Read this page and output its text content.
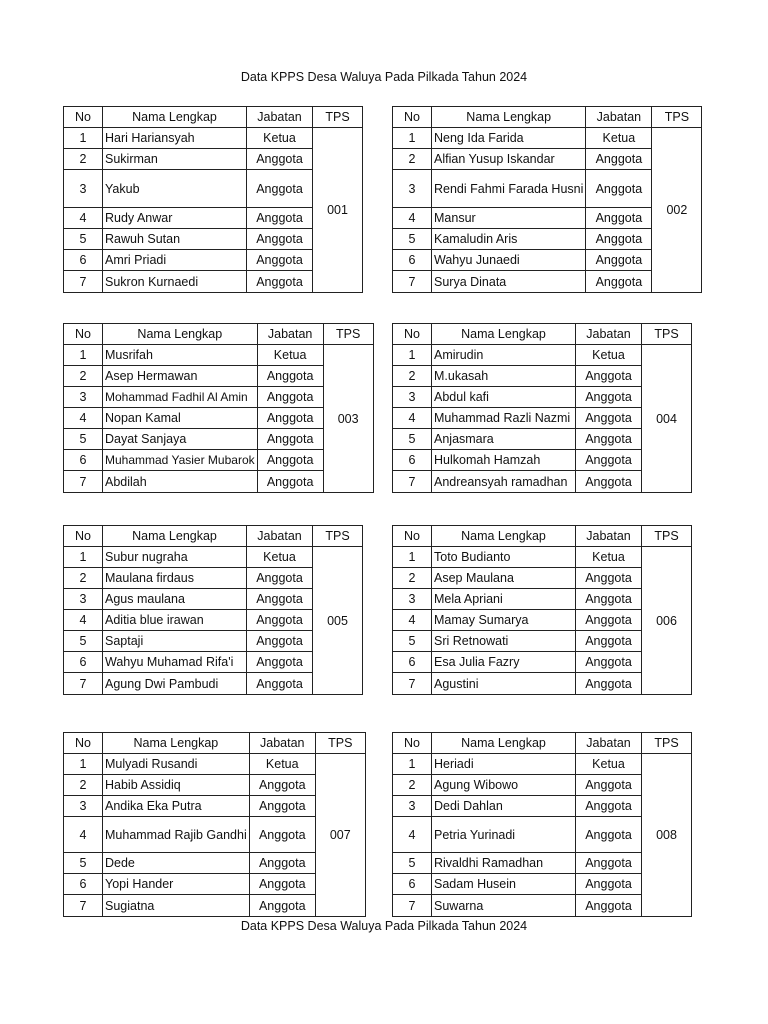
Data KPPS Desa Waluya Pada Pilkada Tahun 2024
Data KPPS Desa Waluya Pada Pilkada Tahun 2024
No	Nama Lengkap	Jabatan	TPS
1	Hari Hariansyah	Ketua	001
2	Sukirman	Anggota	
3	Yakub	Anggota	
4	Rudy Anwar	Anggota	
5	Rawuh Sutan	Anggota	
6	Amri Priadi	Anggota	
7	Sukron Kurnaedi	Anggota	
No	Nama Lengkap	Jabatan	TPS
1	Neng Ida Farida	Ketua	002
2	Alfian Yusup Iskandar	Anggota	
3	Rendi Fahmi Farada Husni	Anggota	
4	Mansur	Anggota	
5	Kamaludin Aris	Anggota	
6	Wahyu Junaedi	Anggota	
7	Surya Dinata	Anggota	
No	Nama Lengkap	Jabatan	TPS
1	Musrifah	Ketua	003
2	Asep Hermawan	Anggota	
3	Mohammad Fadhil Al Amin	Anggota	
4	Nopan Kamal	Anggota	
5	Dayat Sanjaya	Anggota	
6	Muhammad Yasier Mubarok	Anggota	
7	Abdilah	Anggota	
No	Nama Lengkap	Jabatan	TPS
1	Amirudin	Ketua	004
2	M.ukasah	Anggota	
3	Abdul kafi	Anggota	
4	Muhammad Razli Nazmi	Anggota	
5	Anjasmara	Anggota	
6	Hulkomah Hamzah	Anggota	
7	Andreansyah ramadhan	Anggota	
No	Nama Lengkap	Jabatan	TPS
1	Subur nugraha	Ketua	005
2	Maulana firdaus	Anggota	
3	Agus maulana	Anggota	
4	Aditia blue irawan	Anggota	
5	Saptaji	Anggota	
6	Wahyu Muhamad Rifa'i	Anggota	
7	Agung Dwi Pambudi	Anggota	
No	Nama Lengkap	Jabatan	TPS
1	Toto Budianto	Ketua	006
2	Asep Maulana	Anggota	
3	Mela Apriani	Anggota	
4	Mamay Sumarya	Anggota	
5	Sri Retnowati	Anggota	
6	Esa Julia Fazry	Anggota	
7	Agustini	Anggota	
No	Nama Lengkap	Jabatan	TPS
1	Mulyadi Rusandi	Ketua	007
2	Habib Assidiq	Anggota	
3	Andika Eka Putra	Anggota	
4	Muhammad Rajib Gandhi	Anggota	
5	Dede	Anggota	
6	Yopi Hander	Anggota	
7	Sugiatna	Anggota	
No	Nama Lengkap	Jabatan	TPS
1	Heriadi	Ketua	008
2	Agung Wibowo	Anggota	
3	Dedi Dahlan	Anggota	
4	Petria Yurinadi	Anggota	
5	Rivaldhi Ramadhan	Anggota	
6	Sadam Husein	Anggota	
7	Suwarna	Anggota	
